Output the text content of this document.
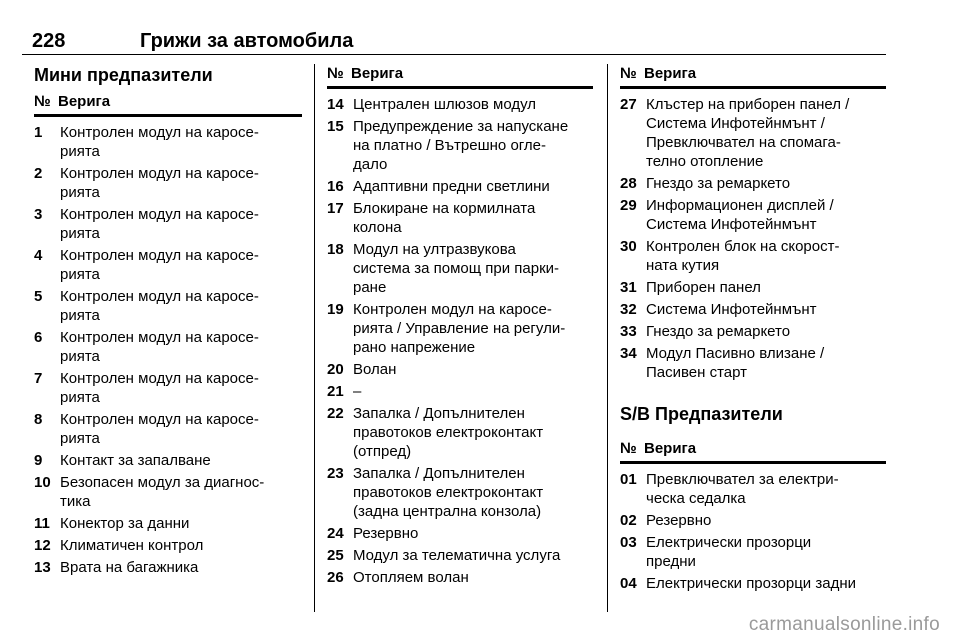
228	Грижи за автомобила
Мини предпазители
№ Верига
1	Контролен модул на каросе-
рията
2	Контролен модул на каросе-
рията
3	Контролен модул на каросе-
рията
4	Контролен модул на каросе-
рията
5	Контролен модул на каросе-
рията
6	Контролен модул на каросе-
рията
7	Контролен модул на каросе-
рията
8	Контролен модул на каросе-
рията
9	Контакт за запалване
10 Безопасен модул за диагнос-
тика
11 Конектор за данни
12 Климатичен контрол
13 Врата на багажника
№ Верига
14 Централен шлюзов модул
15 Предупреждение за напускане
на платно / Вътрешно огле-
дало
16 Адаптивни предни светлини
17 Блокиране на кормилната
колона
18 Модул на ултразвукова
система за помощ при парки-
ране
19 Контролен модул на каросе-
рията / Управление на регули-
рано напрежение
20 Волан
21 –
22 Запалка / Допълнителен
правотоков електроконтакт
(отпред)
23 Запалка / Допълнителен
правотоков електроконтакт
(задна централна конзола)
24 Резервно
25 Модул за телематична услуга
26 Отопляем волан
№ Верига
27 Клъстер на приборен панел /
Система Инфотейнмънт /
Превключвател на спомага-
телно отопление
28 Гнездо за ремаркето
29 Информационен дисплей /
Система Инфотейнмънт
30 Контролен блок на скорост-
ната кутия
31 Приборен панел
32 Система Инфотейнмънт
33 Гнездо за ремаркето
34 Модул Пасивно влизане /
Пасивен старт
S/B Предпазители
№ Верига
01 Превключвател за електри-
ческа седалка
02 Резервно
03 Електрически прозорци
предни
04 Електрически прозорци задни
carmanualsonline.info
